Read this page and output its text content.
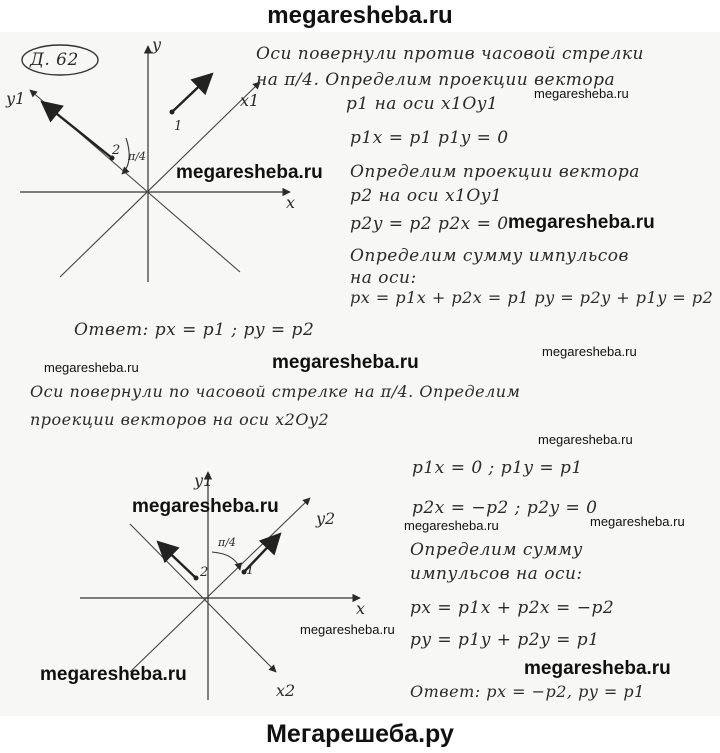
megaresheba.ru
Д. 62
y
x
x1
y1
1
2 π/4
Оси повернули против часовой стрелки
на π/4. Определим проекции вектора
p1 на оси x1Oy1
p1x = p1 p1y = 0
Определим проекции вектора
p2 на оси x1Oy1
p2y = p2 p2x = 0
Определим сумму импульсов
на оси:
px = p1x + p2x = p1 py = p2y + p1y = p2
Ответ: px = p1 ; py = p2
Оси повернули по часовой стрелке на π/4. Определим
проекции векторов на оси x2Oy2
y1
y2
x
x2
1
2
π/4
p1x = 0 ; p1y = p1
p2x = −p2 ; p2y = 0
Определим сумму
импульсов на оси:
px = p1x + p2x = −p2
py = p1y + p2y = p1
Ответ: px = −p2, py = p1
megaresheba.ru
megaresheba.ru
megaresheba.ru
megaresheba.ru	megaresheba.ru
megaresheba.ru
megaresheba.ru
megaresheba.ru
megaresheba.ru	megaresheba.ru
megaresheba.ru
megaresheba.ru	megaresheba.ru
Мегарешеба.ру
